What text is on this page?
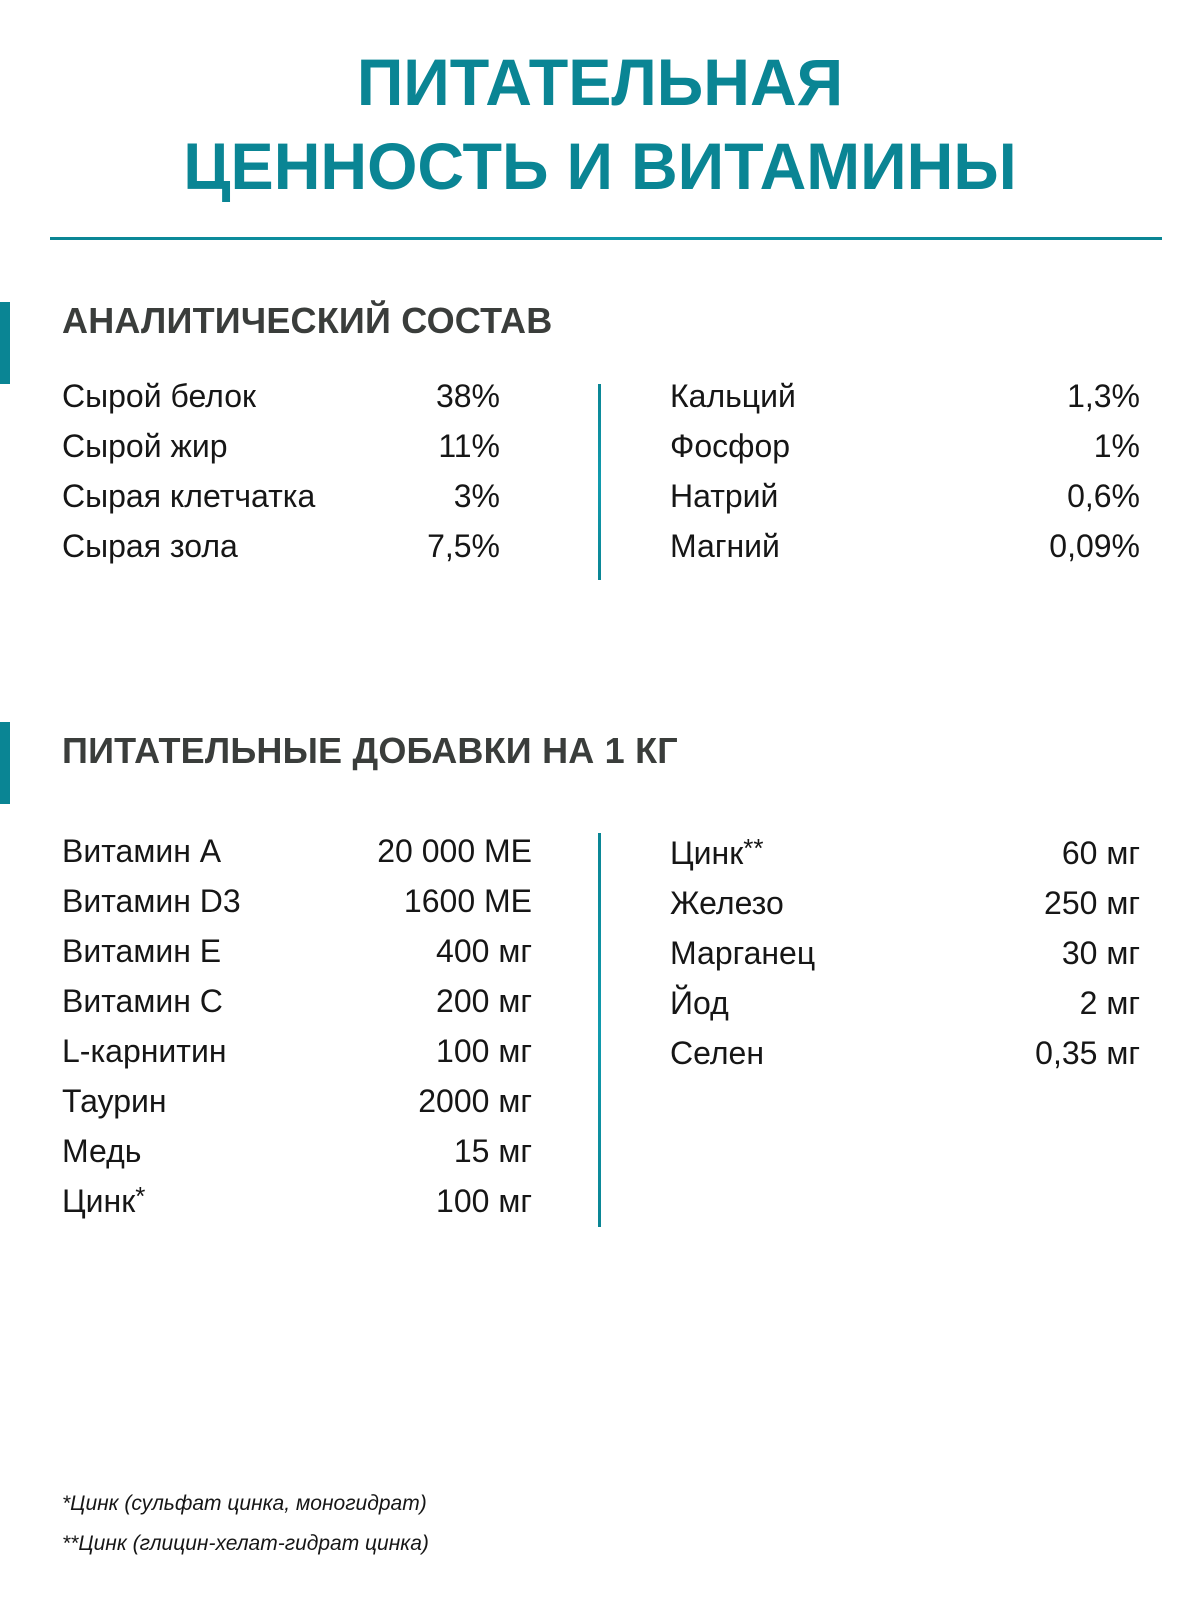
ПИТАТЕЛЬНАЯ
ЦЕННОСТЬ И ВИТАМИНЫ
АНАЛИТИЧЕСКИЙ СОСТАВ
Сырой белок	38%
Сырой жир	11%
Сырая клетчатка	3%
Сырая зола	7,5%
Кальций	1,3%
Фосфор	1%
Натрий	0,6%
Магний	0,09%
ПИТАТЕЛЬНЫЕ ДОБАВКИ НА 1 КГ
Витамин A	20 000 МЕ
Витамин D3	1600 МЕ
Витамин E	400 мг
Витамин C	200 мг
L-карнитин	100 мг
Таурин	2000 мг
Медь	15 мг
Цинк*	100 мг
Цинк**	60 мг
Железо	250 мг
Марганец	30 мг
Йод	2 мг
Селен	0,35 мг
*Цинк (сульфат цинка, моногидрат)
**Цинк (глицин-хелат-гидрат цинка)
